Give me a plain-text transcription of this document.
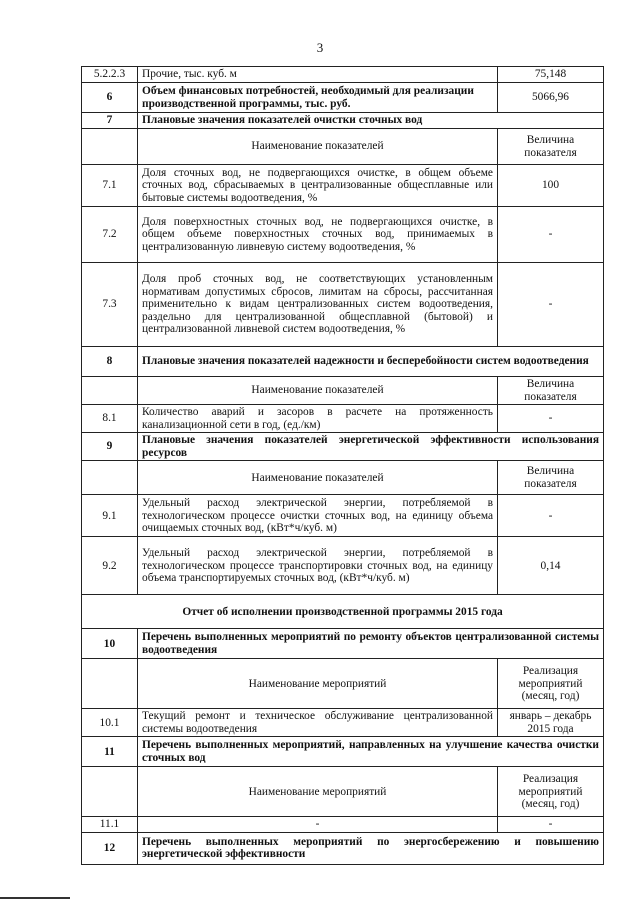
3
5.2.2.3	Прочие, тыс. куб. м	75,148
6	Объем финансовых потребностей, необходимый для реализации производственной программы, тыс. руб.	5066,96
7	Плановые значения показателей очистки сточных вод	
	Наименование показателей	Величина показателя
7.1	Доля сточных вод, не подвергающихся очистке, в общем объеме сточных вод, сбрасываемых в централизованные общесплавные или бытовые системы водоотведения, %	100
7.2	Доля поверхностных сточных вод, не подвергающихся очистке, в общем объеме поверхностных сточных вод, принимаемых в централизованную ливневую систему водоотведения, %	-
7.3	Доля проб сточных вод, не соответствующих установленным нормативам допустимых сбросов, лимитам на сбросы, рассчитанная применительно к видам централизованных систем водоотведения, раздельно для централизованной общесплавной (бытовой) и централизованной ливневой систем водоотведения, %	-
8	Плановые значения показателей надежности и бесперебойности систем водоотведения	
	Наименование показателей	Величина показателя
8.1	Количество аварий и засоров в расчете на протяженность канализационной сети в год, (ед./км)	-
9	Плановые значения показателей энергетической эффективности использования ресурсов	
	Наименование показателей	Величина показателя
9.1	Удельный расход электрической энергии, потребляемой в технологическом процессе очистки сточных вод, на единицу объема очищаемых сточных вод, (кВт*ч/куб. м)	-
9.2	Удельный расход электрической энергии, потребляемой в технологическом процессе транспортировки сточных вод, на единицу объема транспортируемых сточных вод, (кВт*ч/куб. м)	0,14
Отчет об исполнении производственной программы 2015 года		
10	Перечень выполненных мероприятий по ремонту объектов централизованной системы водоотведения	
	Наименование мероприятий	Реализация мероприятий (месяц, год)
10.1	Текущий ремонт и техническое обслуживание централизованной системы водоотведения	январь – декабрь 2015 года
11	Перечень выполненных мероприятий, направленных на улучшение качества очистки сточных вод	
	Наименование мероприятий	Реализация мероприятий (месяц, год)
11.1	-	-
12	Перечень выполненных мероприятий по энергосбережению и повышению энергетической эффективности	
